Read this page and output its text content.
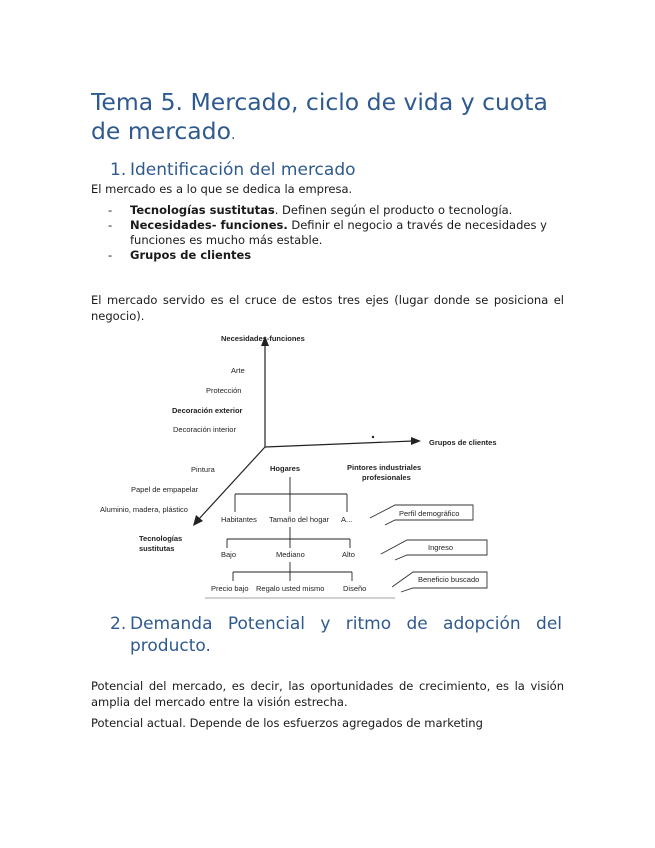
Tema 5. Mercado, ciclo de vida y cuota de mercado.
1. Identificación del mercado

El mercado es a lo que se dedica la empresa.

- Tecnologías sustitutas. Definen según el producto o tecnología.
- Necesidades- funciones. Definir el negocio a través de necesidades y funciones es mucho más estable.
- Grupos de clientes

El mercado servido es el cruce de estos tres ejes (lugar donde se posiciona el negocio).

Necesidades-funciones
Grupos de clientes
Tecnologías
sustitutas
Arte
Protección
Decoración exterior
Decoración interior
Pintura
Papel de empapelar
Aluminio, madera, plástico
Hogares	Pintores industriales
profesionales
Habitantes Tamaño del hogar A...
Bajo	Mediano	Alto
Precio bajo Regalo usted mismo Diseño
Perfil demográfico
Ingreso
Beneficio buscado
2. Demanda Potencial y ritmo de adopción del
producto.

Potencial del mercado, es decir, las oportunidades de crecimiento, es la visión amplia del mercado entre la visión estrecha.

Potencial actual. Depende de los esfuerzos agregados de marketing
